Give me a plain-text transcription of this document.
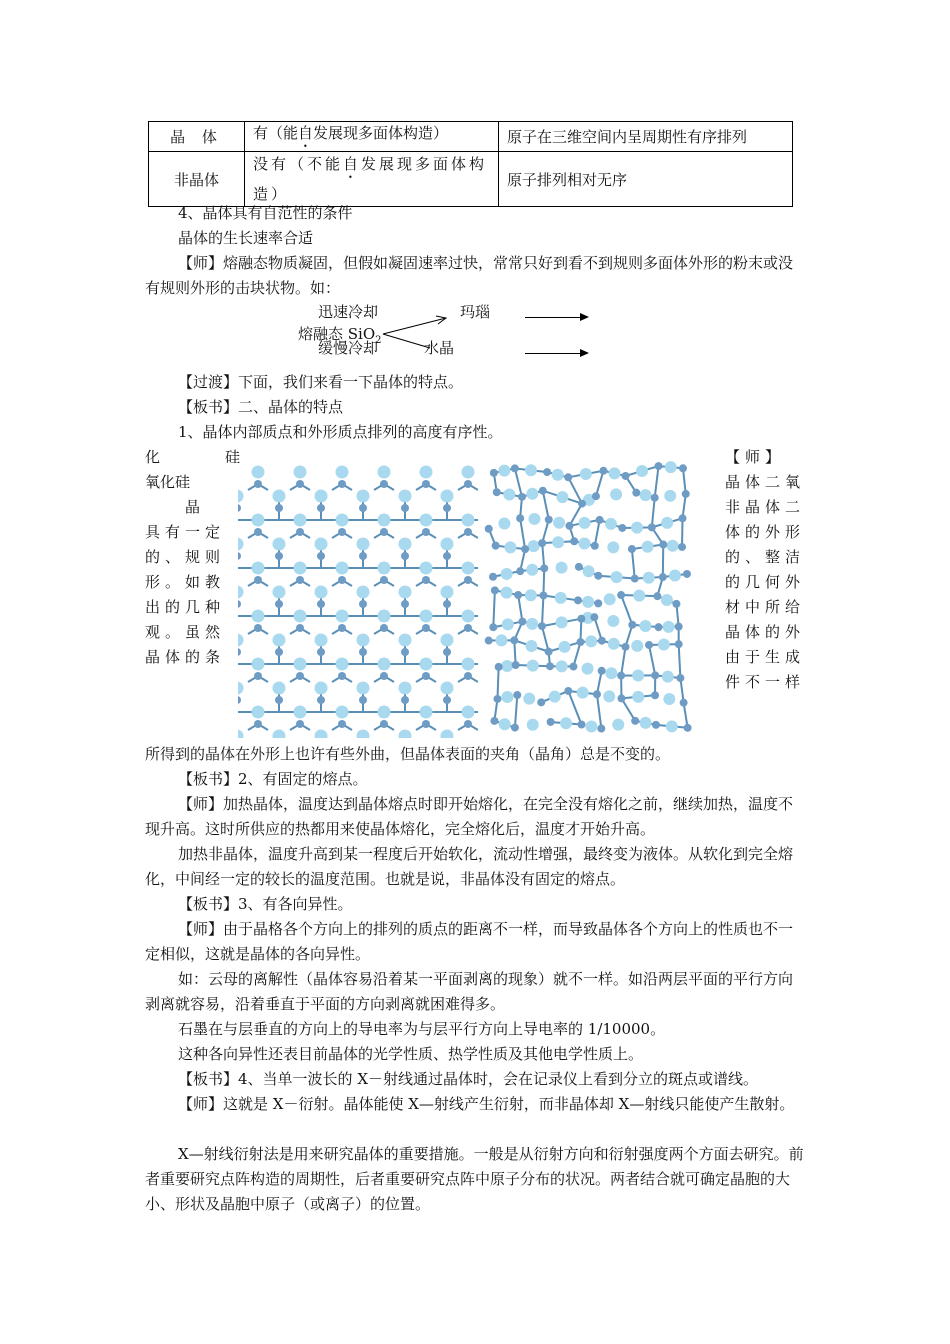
晶 体	有（能自发展现多面体构造）	原子在三维空间内呈周期性有序排列
非晶体	没有（不能自发展现多面体构造）	原子排列相对无序
4、晶体具有自范性的条件
晶体的生长速率合适
【师】熔融态物质凝固，但假如凝固速率过快，常常只好到看不到规则多面体外形的粉末或没有规则外形的击块状物。如：
迅速冷却
熔融态 SiO$_2$
缓慢冷却
玛瑙
水晶
【过渡】下面，我们来看一下晶体的特点。
【板书】二、晶体的特点
1、晶体内部质点和外形质点排列的高度有序性。
【师】
晶体二氧
非晶体二
体的外形
的、整洁
的几何外
材中所给
晶体的外
由于生成
件不一样
化　　　硅
氧化硅
　　晶
具有一定
的、规则
形。如教
出的几种
观。虽然
晶体的条
所得到的晶体在外形上也许有些外曲，但晶体表面的夹角（晶角）总是不变的。
【板书】2、有固定的熔点。
【师】加热晶体，温度达到晶体熔点时即开始熔化，在完全没有熔化之前，继续加热，温度不现升高。这时所供应的热都用来使晶体熔化，完全熔化后，温度才开始升高。
加热非晶体，温度升高到某一程度后开始软化，流动性增强，最终变为液体。从软化到完全熔化，中间经一定的较长的温度范围。也就是说，非晶体没有固定的熔点。
【板书】3、有各向异性。
【师】由于晶格各个方向上的排列的质点的距离不一样，而导致晶体各个方向上的性质也不一定相似，这就是晶体的各向异性。
如：云母的离解性（晶体容易沿着某一平面剥离的现象）就不一样。如沿两层平面的平行方向剥离就容易，沿着垂直于平面的方向剥离就困难得多。
石墨在与层垂直的方向上的导电率为与层平行方向上导电率的 1/10000。
这种各向异性还表目前晶体的光学性质、热学性质及其他电学性质上。
【板书】4、当单一波长的 X－射线通过晶体时，会在记录仪上看到分立的斑点或谱线。
【师】这就是 X－衍射。晶体能使 X—射线产生衍射，而非晶体却 X—射线只能使产生散射。
X—射线衍射法是用来研究晶体的重要措施。一般是从衍射方向和衍射强度两个方面去研究。前者重要研究点阵构造的周期性，后者重要研究点阵中原子分布的状况。两者结合就可确定晶胞的大小、形状及晶胞中原子（或离子）的位置。
